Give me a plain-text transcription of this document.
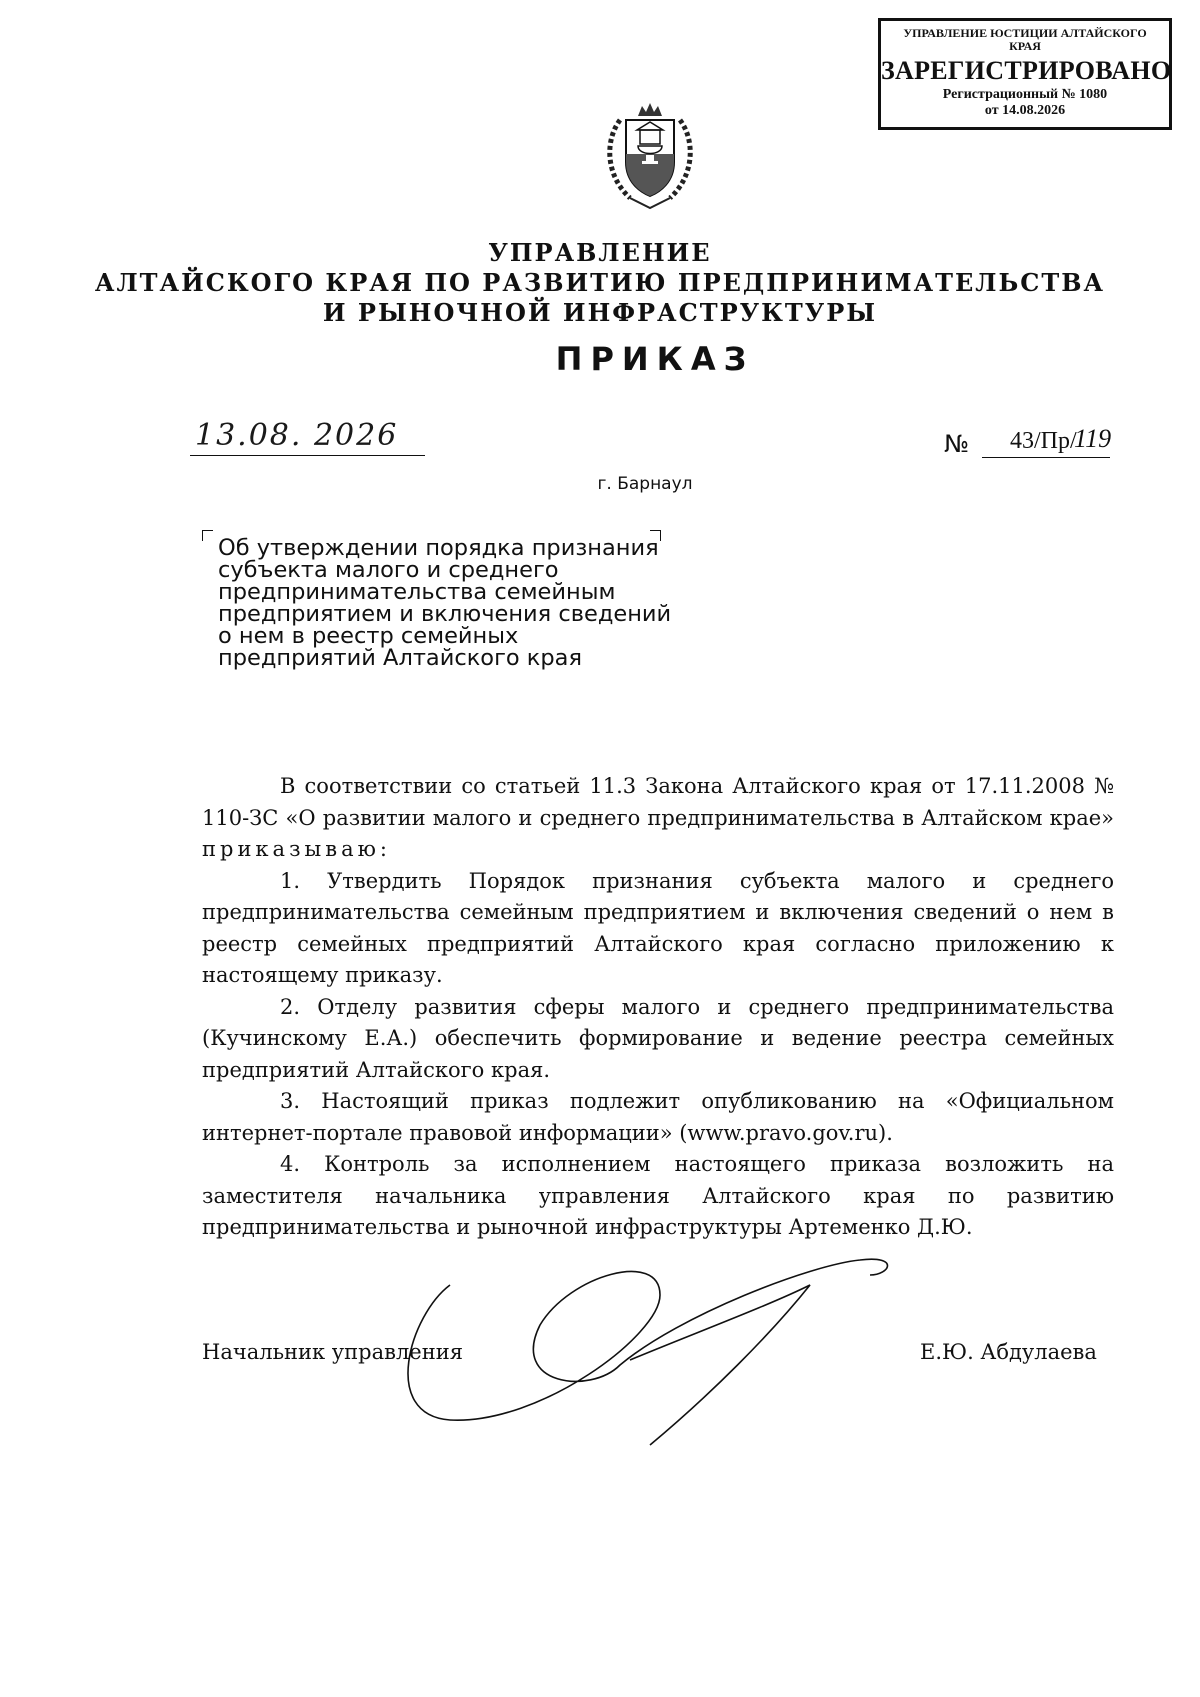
УПРАВЛЕНИЕ ЮСТИЦИИ АЛТАЙСКОГО КРАЯ
ЗАРЕГИСТРИРОВАНО
Регистрационный № 1080
от 14.08.2026
УПРАВЛЕНИЕ
АЛТАЙСКОГО КРАЯ ПО РАЗВИТИЮ ПРЕДПРИНИМАТЕЛЬСТВА
И РЫНОЧНОЙ ИНФРАСТРУКТУРЫ
ПРИКАЗ
13.08. 2026	№ 43/Пр/
119
г. Барнаул
Об утверждении порядка признания
субъекта малого и среднего
предпринимательства семейным
предприятием и включения сведений
о нем в реестр семейных
предприятий Алтайского края

В соответствии со статьей 11.3 Закона Алтайского края от 17.11.2008 № 110-ЗС «О развитии малого и среднего предпринимательства в Алтайском крае» приказываю:

1. Утвердить Порядок признания субъекта малого и среднего предпринимательства семейным предприятием и включения сведений о нем в реестр семейных предприятий Алтайского края согласно приложению к настоящему приказу.

2. Отделу развития сферы малого и среднего предпринимательства (Кучинскому Е.А.) обеспечить формирование и ведение реестра семейных предприятий Алтайского края.

3. Настоящий приказ подлежит опубликованию на «Официальном интернет-портале правовой информации» (www.pravo.gov.ru).

4. Контроль за исполнением настоящего приказа возложить на заместителя начальника управления Алтайского края по развитию предпринимательства и рыночной инфраструктуры Артеменко Д.Ю.

Начальник управления	Е.Ю. Абдулаева
